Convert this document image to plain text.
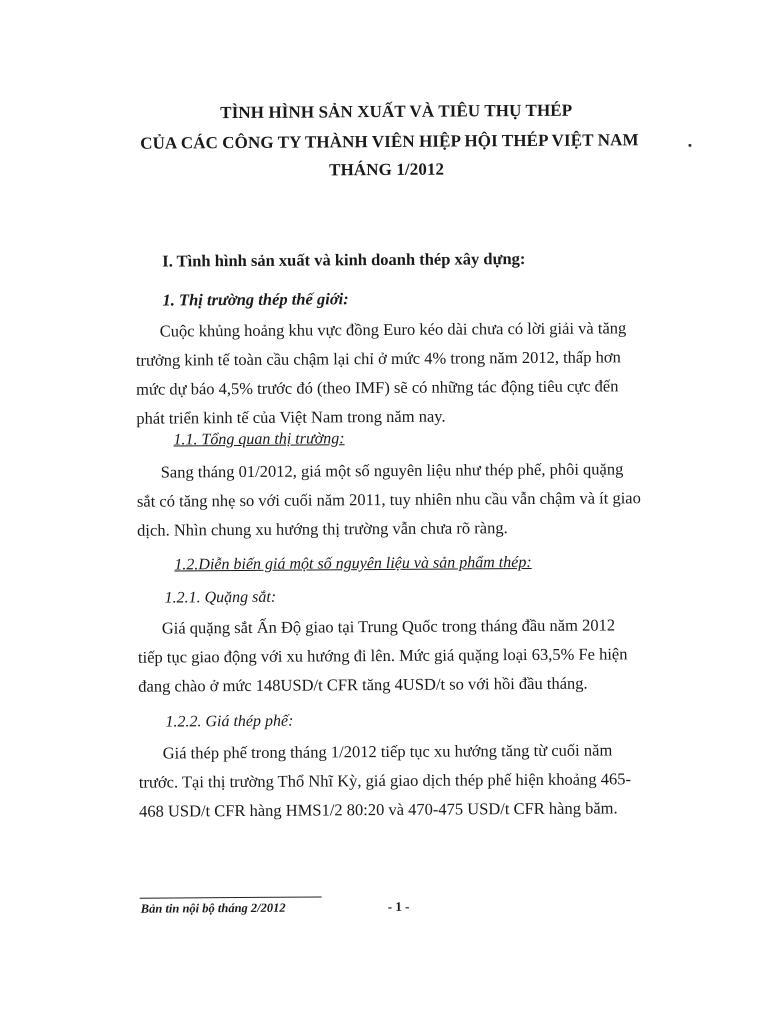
TÌNH HÌNH SẢN XUẤT VÀ TIÊU THỤ THÉP
CỦA CÁC CÔNG TY THÀNH VIÊN HIỆP HỘI THÉP VIỆT NAM
THÁNG 1/2012
I. Tình hình sản xuất và kinh doanh thép xây dựng:
1. Thị trường thép thế giới:
Cuộc khủng hoảng khu vực đồng Euro kéo dài chưa có lời giải và tăng
trưởng kinh tế toàn cầu chậm lại chỉ ở mức 4% trong năm 2012, thấp hơn
mức dự báo 4,5% trước đó (theo IMF) sẽ có những tác động tiêu cực đến
phát triển kinh tế của Việt Nam trong năm nay.
1.1. Tổng quan thị trường:
Sang tháng 01/2012, giá một số nguyên liệu như thép phế, phôi quặng
sắt có tăng nhẹ so với cuối năm 2011, tuy nhiên nhu cầu vẫn chậm và ít giao
dịch. Nhìn chung xu hướng thị trường vẫn chưa rõ ràng.
1.2.Diễn biến giá một số nguyên liệu và sản phẩm thép:
1.2.1. Quặng sắt:
Giá quặng sắt Ấn Độ giao tại Trung Quốc trong tháng đầu năm 2012
tiếp tục giao động với xu hướng đi lên. Mức giá quặng loại 63,5% Fe hiện
đang chào ở mức 148USD/t CFR tăng 4USD/t so với hồi đầu tháng.
1.2.2. Giá thép phế:
Giá thép phế trong tháng 1/2012 tiếp tục xu hướng tăng từ cuối năm
trước. Tại thị trường Thổ Nhĩ Kỳ, giá giao dịch thép phế hiện khoảng 465-
468 USD/t CFR hàng HMS1/2 80:20 và 470-475 USD/t CFR hàng băm.
Bản tin nội bộ tháng 2/2012	- 1 -
